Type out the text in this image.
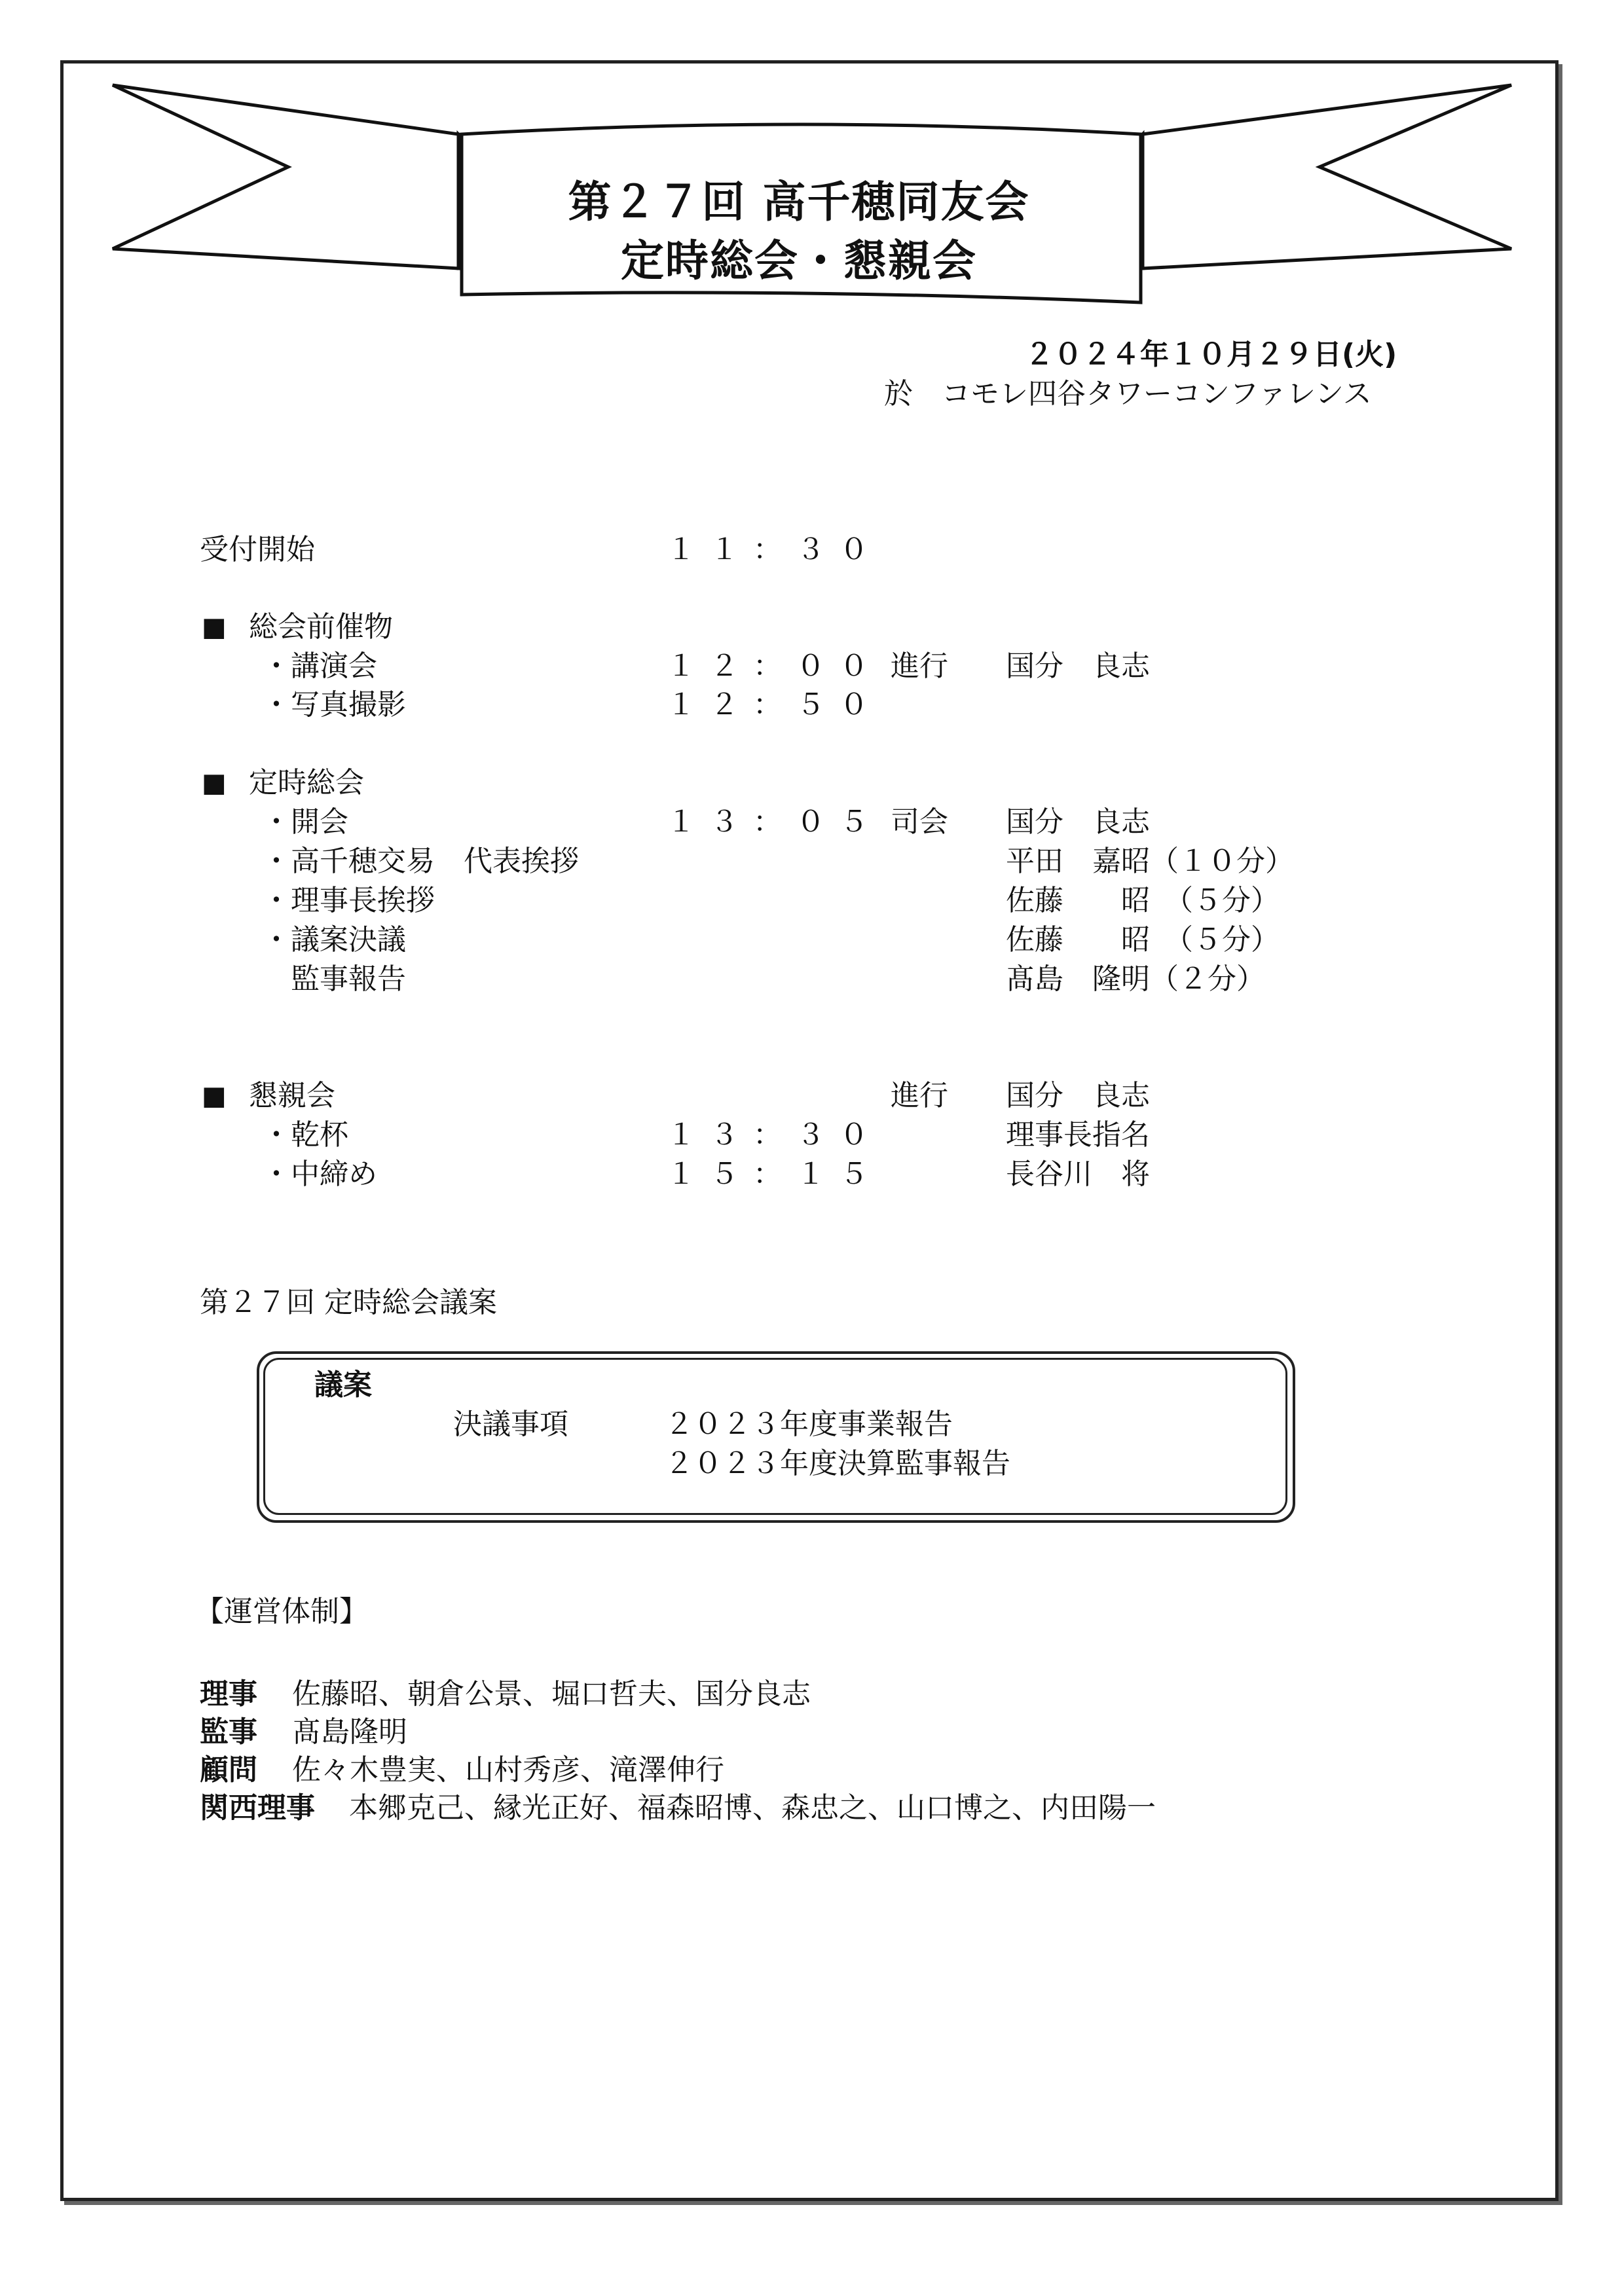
第２７回 高千穂同友会
定時総会・懇親会
２０２４年１０月２９日(火)
於　コモレ四谷タワーコンファレンス
受付開始	１１：３０
■ 総会前催物
・講演会	１２：００ 進行 国分　良志
・写真撮影	１２：５０
■ 定時総会
・開会	１３：０５ 司会 国分　良志
・高千穂交易　代表挨拶	平田　嘉昭（１０分）
・理事長挨拶	佐藤　　昭　（５分）
・議案決議	佐藤　　昭　（５分）
監事報告	髙島　隆明（２分）
■ 懇親会	進行 国分　良志
・乾杯	１３：３０	理事長指名
・中締め	１５：１５	長谷川　将
第２７回 定時総会議案
議案
決議事項	２０２３年度事業報告
２０２３年度決算監事報告
【運営体制】
理事 佐藤昭、朝倉公景、堀口哲夫、国分良志
監事 髙島隆明
顧問 佐々木豊実、山村秀彦、滝澤伸行
関西理事 本郷克己、縁光正好、福森昭博、森忠之、山口博之、内田陽一
